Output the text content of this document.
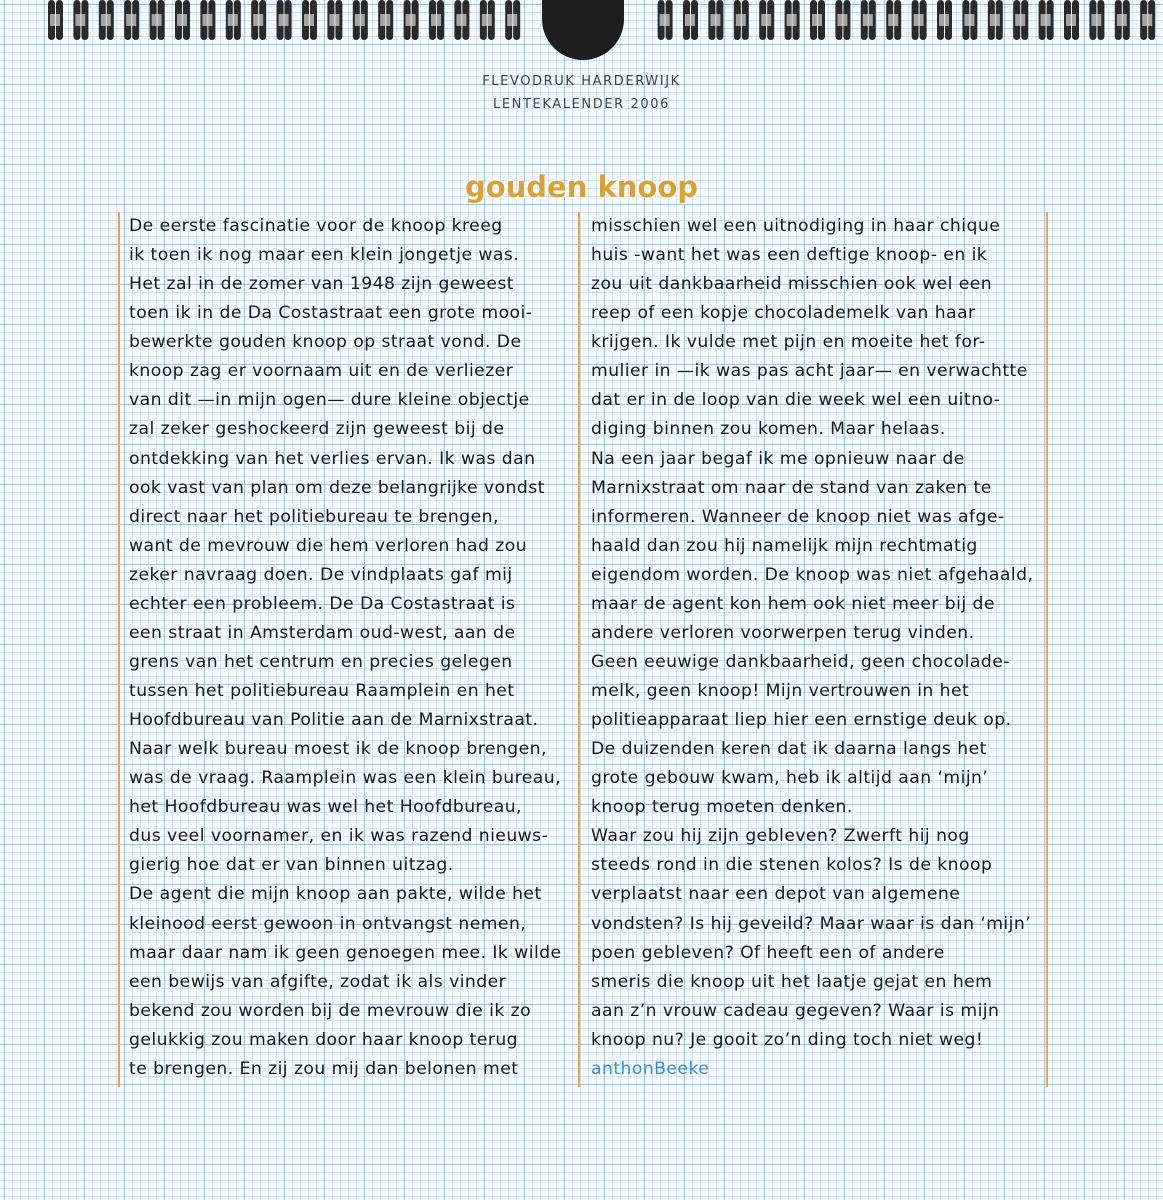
FLEVODRUK HARDERWIJK
LENTEKALENDER 2006
gouden knoop

De eerste fascinatie voor de knoop kreeg

ik toen ik nog maar een klein jongetje was.

Het zal in de zomer van 1948 zijn geweest

toen ik in de Da Costastraat een grote mooi-

bewerkte gouden knoop op straat vond. De

knoop zag er voornaam uit en de verliezer

van dit —in mijn ogen— dure kleine objectje

zal zeker geshockeerd zijn geweest bij de

ontdekking van het verlies ervan. Ik was dan

ook vast van plan om deze belangrijke vondst

direct naar het politiebureau te brengen,

want de mevrouw die hem verloren had zou

zeker navraag doen. De vindplaats gaf mij

echter een probleem. De Da Costastraat is

een straat in Amsterdam oud-west, aan de

grens van het centrum en precies gelegen

tussen het politiebureau Raamplein en het

Hoofdbureau van Politie aan de Marnixstraat.

Naar welk bureau moest ik de knoop brengen,

was de vraag. Raamplein was een klein bureau,

het Hoofdbureau was wel het Hoofdbureau,

dus veel voornamer, en ik was razend nieuws-

gierig hoe dat er van binnen uitzag.

De agent die mijn knoop aan pakte, wilde het

kleinood eerst gewoon in ontvangst nemen,

maar daar nam ik geen genoegen mee. Ik wilde

een bewijs van afgifte, zodat ik als vinder

bekend zou worden bij de mevrouw die ik zo

gelukkig zou maken door haar knoop terug

te brengen. En zij zou mij dan belonen met

misschien wel een uitnodiging in haar chique

huis -want het was een deftige knoop- en ik

zou uit dankbaarheid misschien ook wel een

reep of een kopje chocolademelk van haar

krijgen. Ik vulde met pijn en moeite het for-

mulier in —ik was pas acht jaar— en verwachtte

dat er in de loop van die week wel een uitno-

diging binnen zou komen. Maar helaas.

Na een jaar begaf ik me opnieuw naar de

Marnixstraat om naar de stand van zaken te

informeren. Wanneer de knoop niet was afge-

haald dan zou hij namelijk mijn rechtmatig

eigendom worden. De knoop was niet afgehaald,

maar de agent kon hem ook niet meer bij de

andere verloren voorwerpen terug vinden.

Geen eeuwige dankbaarheid, geen chocolade-

melk, geen knoop! Mijn vertrouwen in het

politieapparaat liep hier een ernstige deuk op.

De duizenden keren dat ik daarna langs het

grote gebouw kwam, heb ik altijd aan ‘mijn’

knoop terug moeten denken.

Waar zou hij zijn gebleven? Zwerft hij nog

steeds rond in die stenen kolos? Is de knoop

verplaatst naar een depot van algemene

vondsten? Is hij geveild? Maar waar is dan ‘mijn’

poen gebleven? Of heeft een of andere

smeris die knoop uit het laatje gejat en hem

aan z’n vrouw cadeau gegeven? Waar is mijn

knoop nu? Je gooit zo’n ding toch niet weg!

anthonBeeke
